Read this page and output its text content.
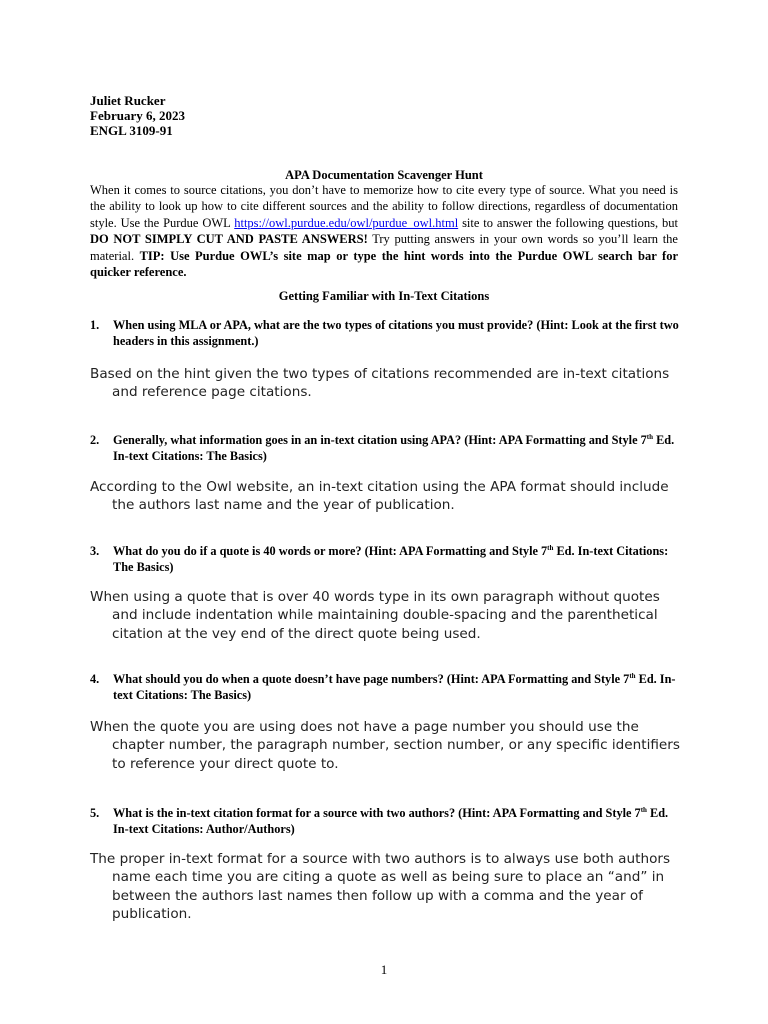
Juliet Rucker
February 6, 2023
ENGL 3109-91
APA Documentation Scavenger Hunt
When it comes to source citations, you don’t have to memorize how to cite every type of source. What you need is the ability to look up how to cite different sources and the ability to follow directions, regardless of documentation style. Use the Purdue OWL https://owl.purdue.edu/owl/purdue_owl.html site to answer the following questions, but DO NOT SIMPLY CUT AND PASTE ANSWERS! Try putting answers in your own words so you’ll learn the material. TIP: Use Purdue OWL’s site map or type the hint words into the Purdue OWL search bar for quicker reference.
Getting Familiar with In-Text Citations
1. When using MLA or APA, what are the two types of citations you must provide? (Hint: Look at the first two headers in this assignment.)
Based on the hint given the two types of citations recommended are in-text citations and reference page citations.
2. Generally, what information goes in an in-text citation using APA? (Hint: APA Formatting and Style 7th Ed. In-text Citations: The Basics)
According to the Owl website, an in-text citation using the APA format should include the authors last name and the year of publication.
3. What do you do if a quote is 40 words or more? (Hint: APA Formatting and Style 7th Ed. In-text Citations: The Basics)
When using a quote that is over 40 words type in its own paragraph without quotes and include indentation while maintaining double-spacing and the parenthetical citation at the vey end of the direct quote being used.
4. What should you do when a quote doesn’t have page numbers? (Hint: APA Formatting and Style 7th Ed. In-text Citations: The Basics)
When the quote you are using does not have a page number you should use the chapter number, the paragraph number, section number, or any specific identifiers to reference your direct quote to.
5. What is the in-text citation format for a source with two authors? (Hint: APA Formatting and Style 7th Ed. In-text Citations: Author/Authors)
The proper in-text format for a source with two authors is to always use both authors name each time you are citing a quote as well as being sure to place an “and” in between the authors last names then follow up with a comma and the year of publication.
1
